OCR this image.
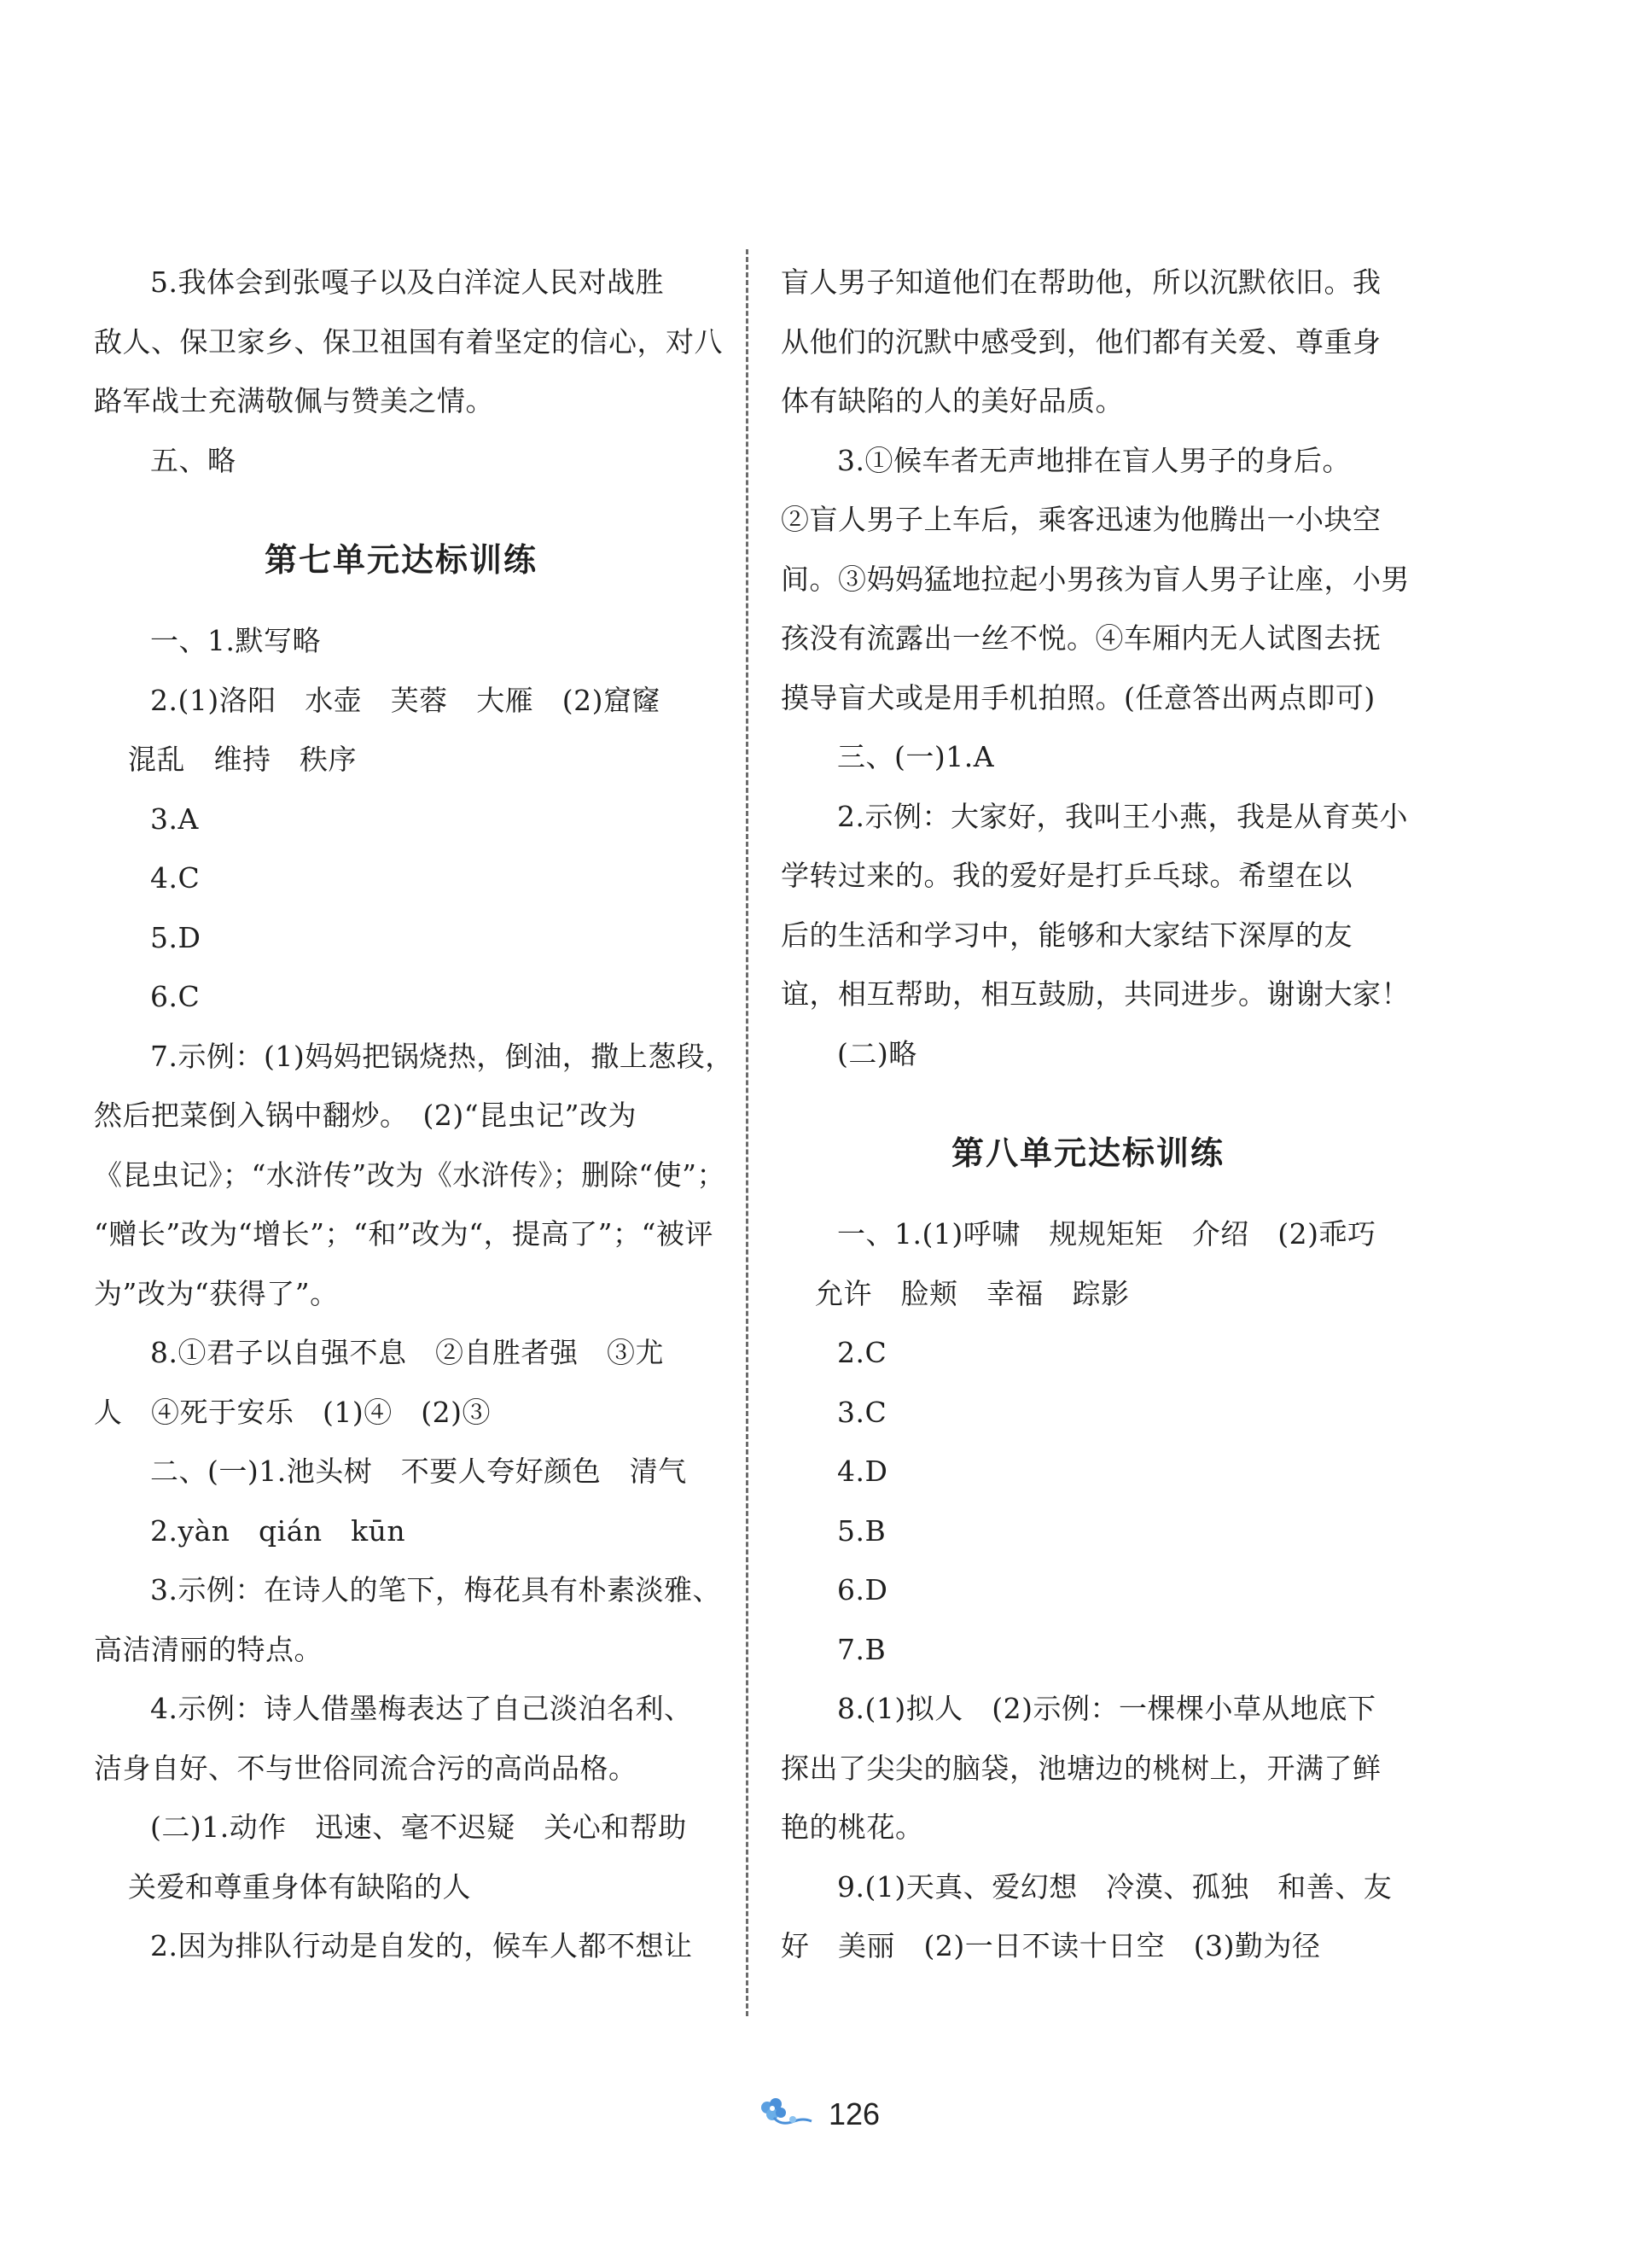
5.我体会到张嘎子以及白洋淀人民对战胜
敌人、保卫家乡、保卫祖国有着坚定的信心，对八
路军战士充满敬佩与赞美之情。
五、略
第七单元达标训练
一、1.默写略
2.(1)洛阳　水壶　芙蓉　大雁　(2)窟窿
混乱　维持　秩序
3.A
4.C
5.D
6.C
7.示例：(1)妈妈把锅烧热，倒油，撒上葱段，
然后把菜倒入锅中翻炒。　(2)“昆虫记”改为
《昆虫记》；“水浒传”改为《水浒传》；删除“使”；
“赠长”改为“增长”；“和”改为“，提高了”；“被评
为”改为“获得了”。
8.①君子以自强不息　②自胜者强　③尤
人　④死于安乐　(1)④　(2)③
二、(一)1.池头树　不要人夸好颜色　清气
2.yàn　qián　kūn
3.示例：在诗人的笔下，梅花具有朴素淡雅、
高洁清丽的特点。
4.示例：诗人借墨梅表达了自己淡泊名利、
洁身自好、不与世俗同流合污的高尚品格。
(二)1.动作　迅速、毫不迟疑　关心和帮助
关爱和尊重身体有缺陷的人
2.因为排队行动是自发的，候车人都不想让
盲人男子知道他们在帮助他，所以沉默依旧。我
从他们的沉默中感受到，他们都有关爱、尊重身
体有缺陷的人的美好品质。
3.①候车者无声地排在盲人男子的身后。
②盲人男子上车后，乘客迅速为他腾出一小块空
间。③妈妈猛地拉起小男孩为盲人男子让座，小男
孩没有流露出一丝不悦。④车厢内无人试图去抚
摸导盲犬或是用手机拍照。(任意答出两点即可)
三、(一)1.A
2.示例：大家好，我叫王小燕，我是从育英小
学转过来的。我的爱好是打乒乓球。希望在以
后的生活和学习中，能够和大家结下深厚的友
谊，相互帮助，相互鼓励，共同进步。谢谢大家！
(二)略
第八单元达标训练
一、1.(1)呼啸　规规矩矩　介绍　(2)乖巧
允许　脸颊　幸福　踪影
2.C
3.C
4.D
5.B
6.D
7.B
8.(1)拟人　(2)示例：一棵棵小草从地底下
探出了尖尖的脑袋，池塘边的桃树上，开满了鲜
艳的桃花。
9.(1)天真、爱幻想　冷漠、孤独　和善、友
好　美丽　(2)一日不读十日空　(3)勤为径
126
